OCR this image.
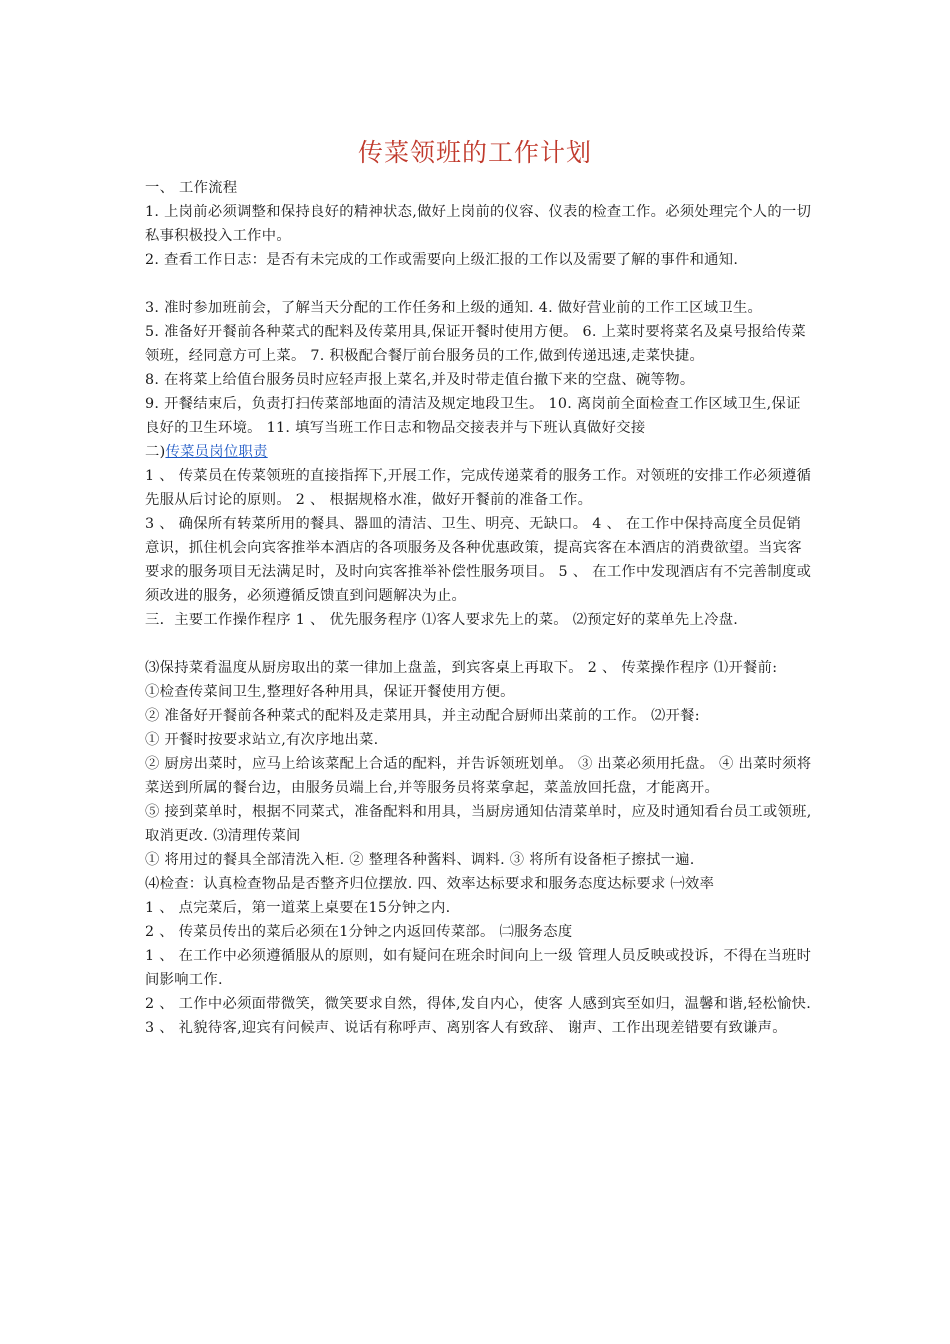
传菜领班的工作计划

一、 工作流程

1. 上岗前必须调整和保持良好的精神状态,做好上岗前的仪容、仪表的检查工作。必须处理完个人的一切私事积极投入工作中。

2. 查看工作日志：是否有未完成的工作或需要向上级汇报的工作以及需要了解的事件和通知.

3. 准时参加班前会，了解当天分配的工作任务和上级的通知. 4. 做好营业前的工作工区域卫生。

5. 准备好开餐前各种菜式的配料及传菜用具,保证开餐时使用方便。 6. 上菜时要将菜名及桌号报给传菜领班，经同意方可上菜。 7. 积极配合餐厅前台服务员的工作,做到传递迅速,走菜快捷。

8. 在将菜上给值台服务员时应轻声报上菜名,并及时带走值台撤下来的空盘、碗等物。

9. 开餐结束后，负责打扫传菜部地面的清洁及规定地段卫生。 10. 离岗前全面检查工作区域卫生,保证良好的卫生环境。 11. 填写当班工作日志和物品交接表并与下班认真做好交接

二)传菜员岗位职责

1 、 传菜员在传菜领班的直接指挥下,开展工作，完成传递菜肴的服务工作。对领班的安排工作必须遵循先服从后讨论的原则。 2 、 根据规格水准，做好开餐前的准备工作。

3 、 确保所有转菜所用的餐具、器皿的清洁、卫生、明亮、无缺口。 4 、 在工作中保持高度全员促销意识，抓住机会向宾客推举本酒店的各项服务及各种优惠政策，提高宾客在本酒店的消费欲望。当宾客要求的服务项目无法满足时，及时向宾客推举补偿性服务项目。 5 、 在工作中发现酒店有不完善制度或须改进的服务，必须遵循反馈直到问题解决为止。

三．主要工作操作程序 1 、 优先服务程序 ⑴客人要求先上的菜。 ⑵预定好的菜单先上冷盘.

⑶保持菜肴温度从厨房取出的菜一律加上盘盖，到宾客桌上再取下。 2 、 传菜操作程序 ⑴开餐前:

①检查传菜间卫生,整理好各种用具，保证开餐使用方便。

② 准备好开餐前各种菜式的配料及走菜用具，并主动配合厨师出菜前的工作。 ⑵开餐:

① 开餐时按要求站立,有次序地出菜.

② 厨房出菜时，应马上给该菜配上合适的配料，并告诉领班划单。 ③ 出菜必须用托盘。 ④ 出菜时须将菜送到所属的餐台边，由服务员端上台,并等服务员将菜拿起，菜盖放回托盘，才能离开。

⑤ 接到菜单时，根据不同菜式，准备配料和用具，当厨房通知估清菜单时，应及时通知看台员工或领班,取消更改. ⑶清理传菜间

① 将用过的餐具全部清洗入柜. ② 整理各种酱料、调料. ③ 将所有设备柜子擦拭一遍.

⑷检查：认真检查物品是否整齐归位摆放. 四、效率达标要求和服务态度达标要求 ㈠效率

1 、 点完菜后，第一道菜上桌要在15分钟之内.

2 、 传菜员传出的菜后必须在1分钟之内返回传菜部。 ㈡服务态度

1 、 在工作中必须遵循服从的原则，如有疑问在班余时间向上一级 管理人员反映或投诉，不得在当班时间影响工作.

2 、 工作中必须面带微笑，微笑要求自然，得体,发自内心，使客 人感到宾至如归，温馨和谐,轻松愉快.

3 、 礼貌待客,迎宾有问候声、说话有称呼声、离别客人有致辞、 谢声、工作出现差错要有致谦声。
